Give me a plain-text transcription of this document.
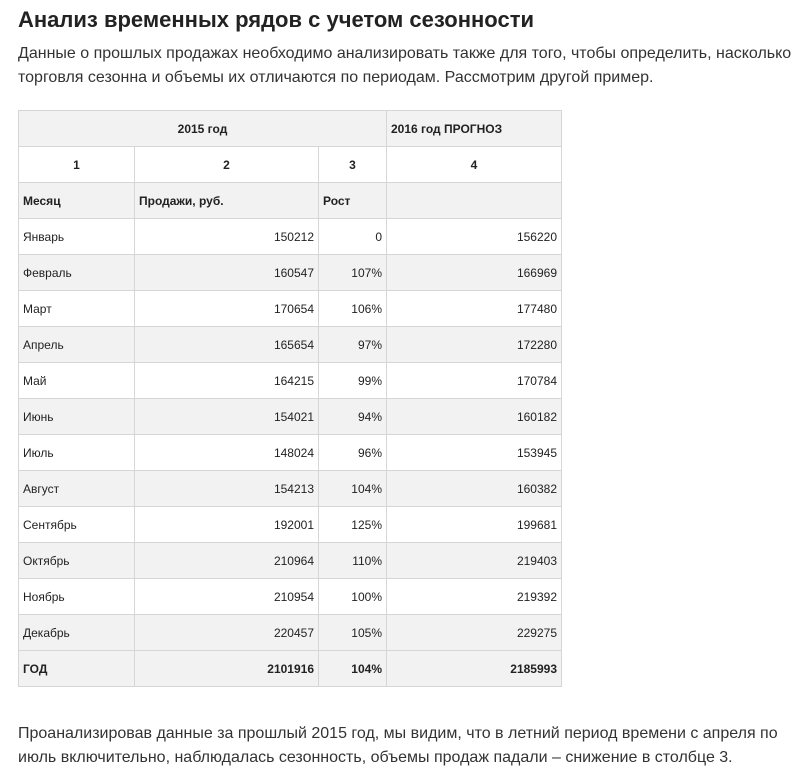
Анализ временных рядов с учетом сезонности

Данные о прошлых продажах необходимо анализировать также для того, чтобы определить, насколько торговля сезонна и объемы их отличаются по периодам. Рассмотрим другой пример.

2015 год			2016 год ПРОГНОЗ
1	2	3	4
Месяц	Продажи, руб.	Рост	
Январь	150212	0	156220
Февраль	160547	107%	166969
Март	170654	106%	177480
Апрель	165654	97%	172280
Май	164215	99%	170784
Июнь	154021	94%	160182
Июль	148024	96%	153945
Август	154213	104%	160382
Сентябрь	192001	125%	199681
Октябрь	210964	110%	219403
Ноябрь	210954	100%	219392
Декабрь	220457	105%	229275
ГОД	2101916	104%	2185993

Проанализировав данные за прошлый 2015 год, мы видим, что в летний период времени с апреля по июль включительно, наблюдалась сезонность, объемы продаж падали – снижение в столбце 3.
